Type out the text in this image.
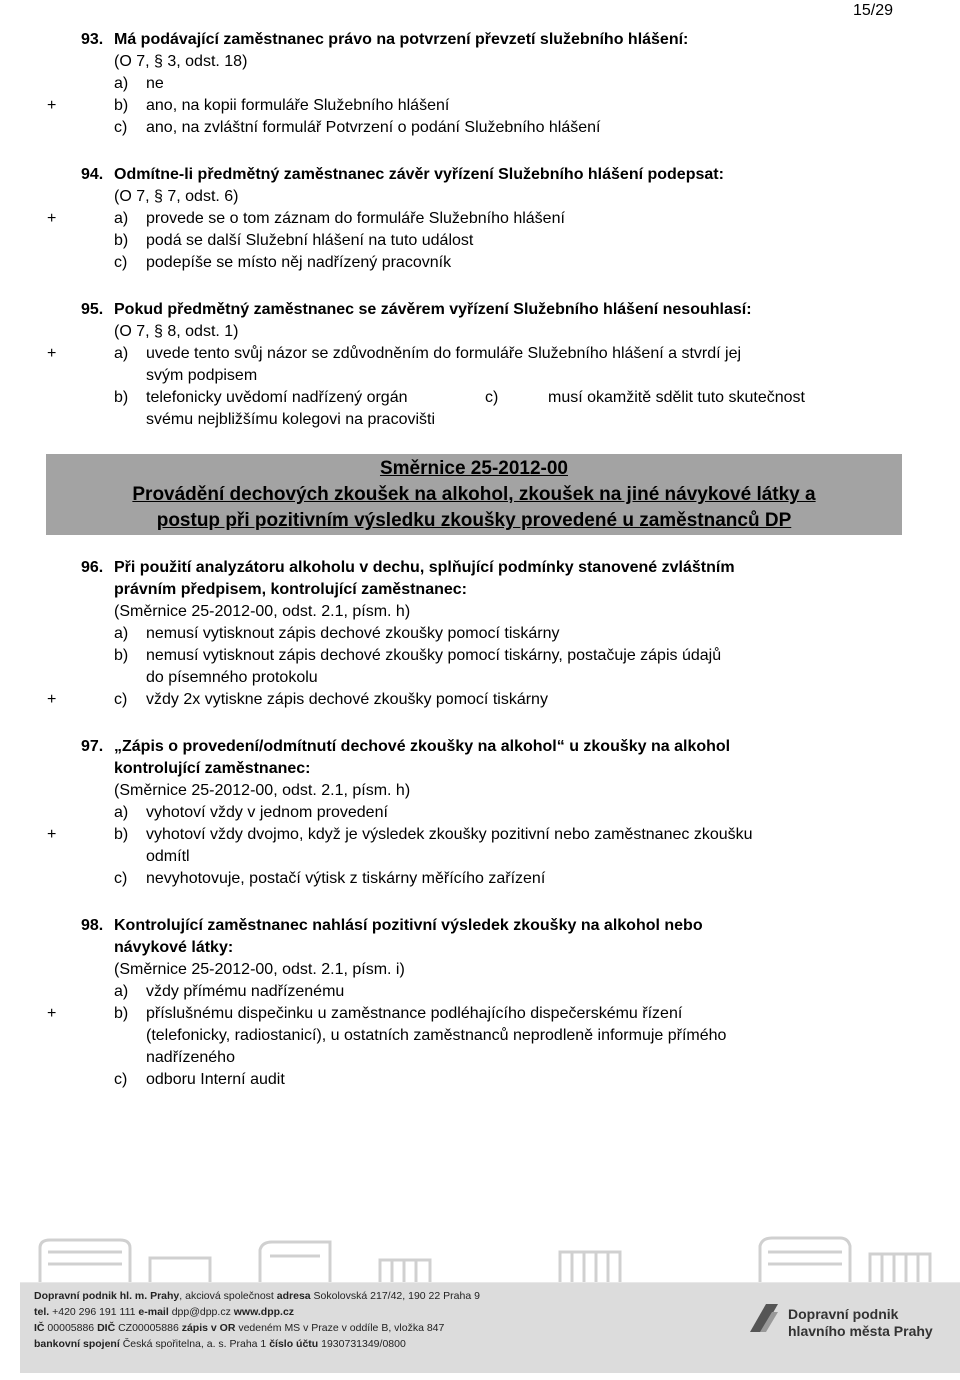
15/29
93. Má podávající zaměstnanec právo na potvrzení převzetí služebního hlášení:
(O 7, § 3, odst. 18)
a) ne
+	b) ano, na kopii formuláře Služebního hlášení
c) ano, na zvláštní formulář Potvrzení o podání Služebního hlášení
94. Odmítne-li předmětný zaměstnanec závěr vyřízení Služebního hlášení podepsat:
(O 7, § 7, odst. 6)
+	a) provede se o tom záznam do formuláře Služebního hlášení
b) podá se další Služební hlášení na tuto událost
c) podepíše se místo něj nadřízený pracovník
95. Pokud předmětný zaměstnanec se závěrem vyřízení Služebního hlášení nesouhlasí:
(O 7, § 8, odst. 1)
+	a) uvede tento svůj názor se zdůvodněním do formuláře Služebního hlášení a stvrdí jej
svým podpisem
b) telefonicky uvědomí nadřízený orgán	c)	musí okamžitě sdělit tuto skutečnost
svému nejbližšímu kolegovi na pracovišti
Směrnice 25-2012-00
Provádění dechových zkoušek na alkohol, zkoušek na jiné návykové látky a
postup při pozitivním výsledku zkoušky provedené u zaměstnanců DP
96. Při použití analyzátoru alkoholu v dechu, splňující podmínky stanovené zvláštním
právním předpisem, kontrolující zaměstnanec:
(Směrnice 25-2012-00, odst. 2.1, písm. h)
a) nemusí vytisknout zápis dechové zkoušky pomocí tiskárny
b) nemusí vytisknout zápis dechové zkoušky pomocí tiskárny, postačuje zápis údajů
do písemného protokolu
+	c) vždy 2x vytiskne zápis dechové zkoušky pomocí tiskárny
97. „Zápis o provedení/odmítnutí dechové zkoušky na alkohol“ u zkoušky na alkohol
kontrolující zaměstnanec:
(Směrnice 25-2012-00, odst. 2.1, písm. h)
a) vyhotoví vždy v jednom provedení
+	b) vyhotoví vždy dvojmo, když je výsledek zkoušky pozitivní nebo zaměstnanec zkoušku
odmítl
c) nevyhotovuje, postačí výtisk z tiskárny měřícího zařízení
98. Kontrolující zaměstnanec nahlásí pozitivní výsledek zkoušky na alkohol nebo
návykové látky:
(Směrnice 25-2012-00, odst. 2.1, písm. i)
a) vždy přímému nadřízenému
+	b) příslušnému dispečinku u zaměstnance podléhajícího dispečerskému řízení
(telefonicky, radiostanicí), u ostatních zaměstnanců neprodleně informuje přímého
nadřízeného
c) odboru Interní audit
Dopravní podnik hl. m. Prahy, akciová společnost adresa Sokolovská 217/42, 190 22 Praha 9
tel. +420 296 191 111 e-mail dpp@dpp.cz www.dpp.cz
IČ 00005886 DIČ CZ00005886 zápis v OR vedeném MS v Praze v oddíle B, vložka 847
bankovní spojení Česká spořitelna, a. s. Praha 1 číslo účtu 1930731349/0800
Dopravní podnik
hlavního města Prahy
